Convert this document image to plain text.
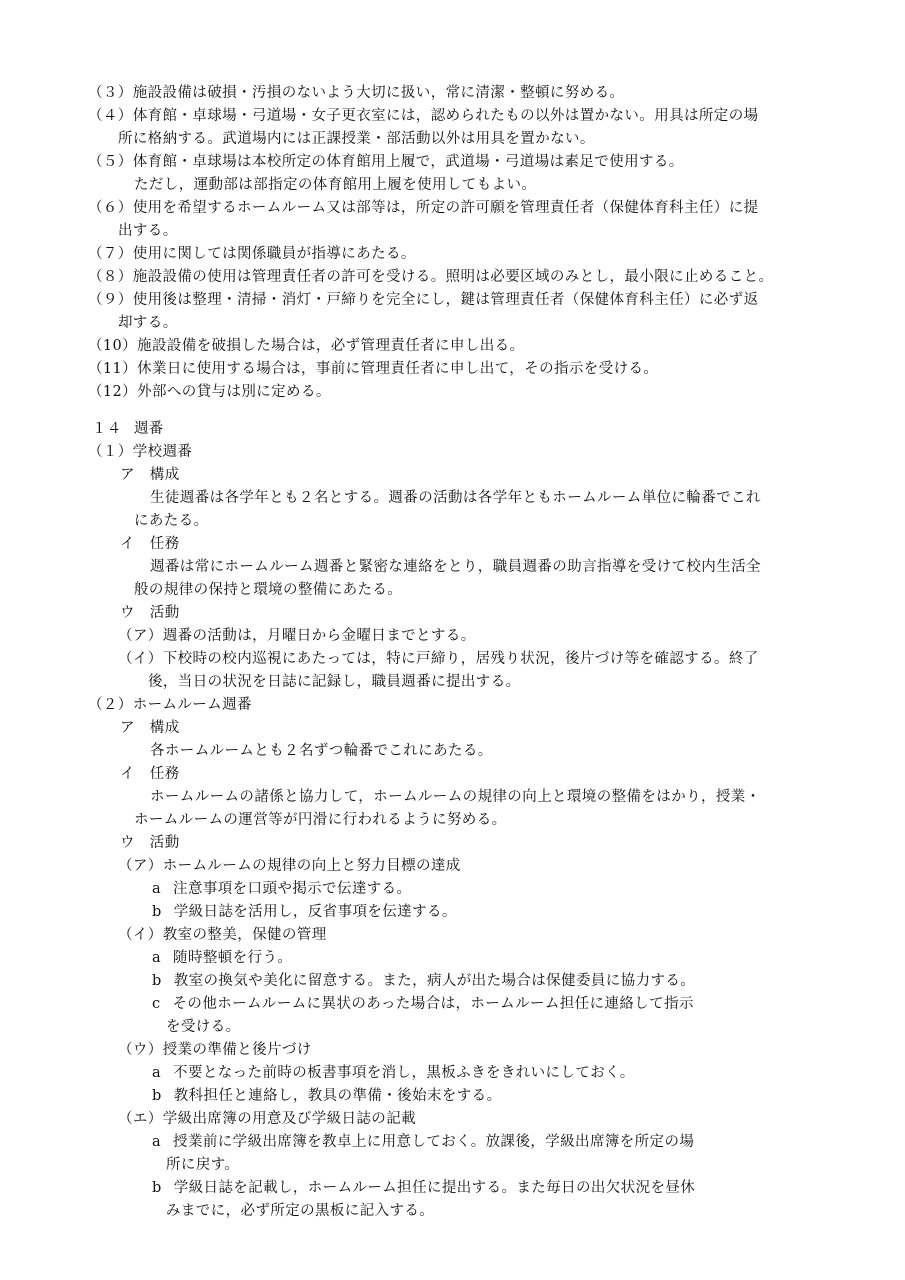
（３）施設設備は破損・汚損のないよう大切に扱い，常に清潔・整頓に努める。
（４）体育館・卓球場・弓道場・女子更衣室には，認められたもの以外は置かない。用具は所定の場
所に格納する。武道場内には正課授業・部活動以外は用具を置かない。
（５）体育館・卓球場は本校所定の体育館用上履で，武道場・弓道場は素足で使用する。
ただし，運動部は部指定の体育館用上履を使用してもよい。
（６）使用を希望するホームルーム又は部等は，所定の許可願を管理責任者（保健体育科主任）に提
出する。
（７）使用に関しては関係職員が指導にあたる。
（８）施設設備の使用は管理責任者の許可を受ける。照明は必要区域のみとし，最小限に止めること。
（９）使用後は整理・清掃・消灯・戸締りを完全にし，鍵は管理責任者（保健体育科主任）に必ず返
却する。
（10）施設設備を破損した場合は，必ず管理責任者に申し出る。
（11）休業日に使用する場合は，事前に管理責任者に申し出て，その指示を受ける。
（12）外部への貸与は別に定める。
１４ 週番
（１）学校週番
ア　構成
生徒週番は各学年とも２名とする。週番の活動は各学年ともホームルーム単位に輪番でこれ
にあたる。
イ　任務
週番は常にホームルーム週番と緊密な連絡をとり，職員週番の助言指導を受けて校内生活全
般の規律の保持と環境の整備にあたる。
ウ　活動
（ア）週番の活動は，月曜日から金曜日までとする。
（イ）下校時の校内巡視にあたっては，特に戸締り，居残り状況，後片づけ等を確認する。終了
後，当日の状況を日誌に記録し，職員週番に提出する。
（２）ホームルーム週番
ア　構成
各ホームルームとも２名ずつ輪番でこれにあたる。
イ　任務
ホームルームの諸係と協力して，ホームルームの規律の向上と環境の整備をはかり，授業・
ホームルームの運営等が円滑に行われるように努める。
ウ　活動
（ア）ホームルームの規律の向上と努力目標の達成
a 注意事項を口頭や掲示で伝達する。
b 学級日誌を活用し，反省事項を伝達する。
（イ）教室の整美，保健の管理
a 随時整頓を行う。
b 教室の換気や美化に留意する。また，病人が出た場合は保健委員に協力する。
c その他ホームルームに異状のあった場合は，ホームルーム担任に連絡して指示
を受ける。
（ウ）授業の準備と後片づけ
a 不要となった前時の板書事項を消し，黒板ふきをきれいにしておく。
b 教科担任と連絡し，教具の準備・後始末をする。
（エ）学級出席簿の用意及び学級日誌の記載
a 授業前に学級出席簿を教卓上に用意しておく。放課後，学級出席簿を所定の場
所に戻す。
b 学級日誌を記載し，ホームルーム担任に提出する。また毎日の出欠状況を昼休
みまでに，必ず所定の黒板に記入する。
